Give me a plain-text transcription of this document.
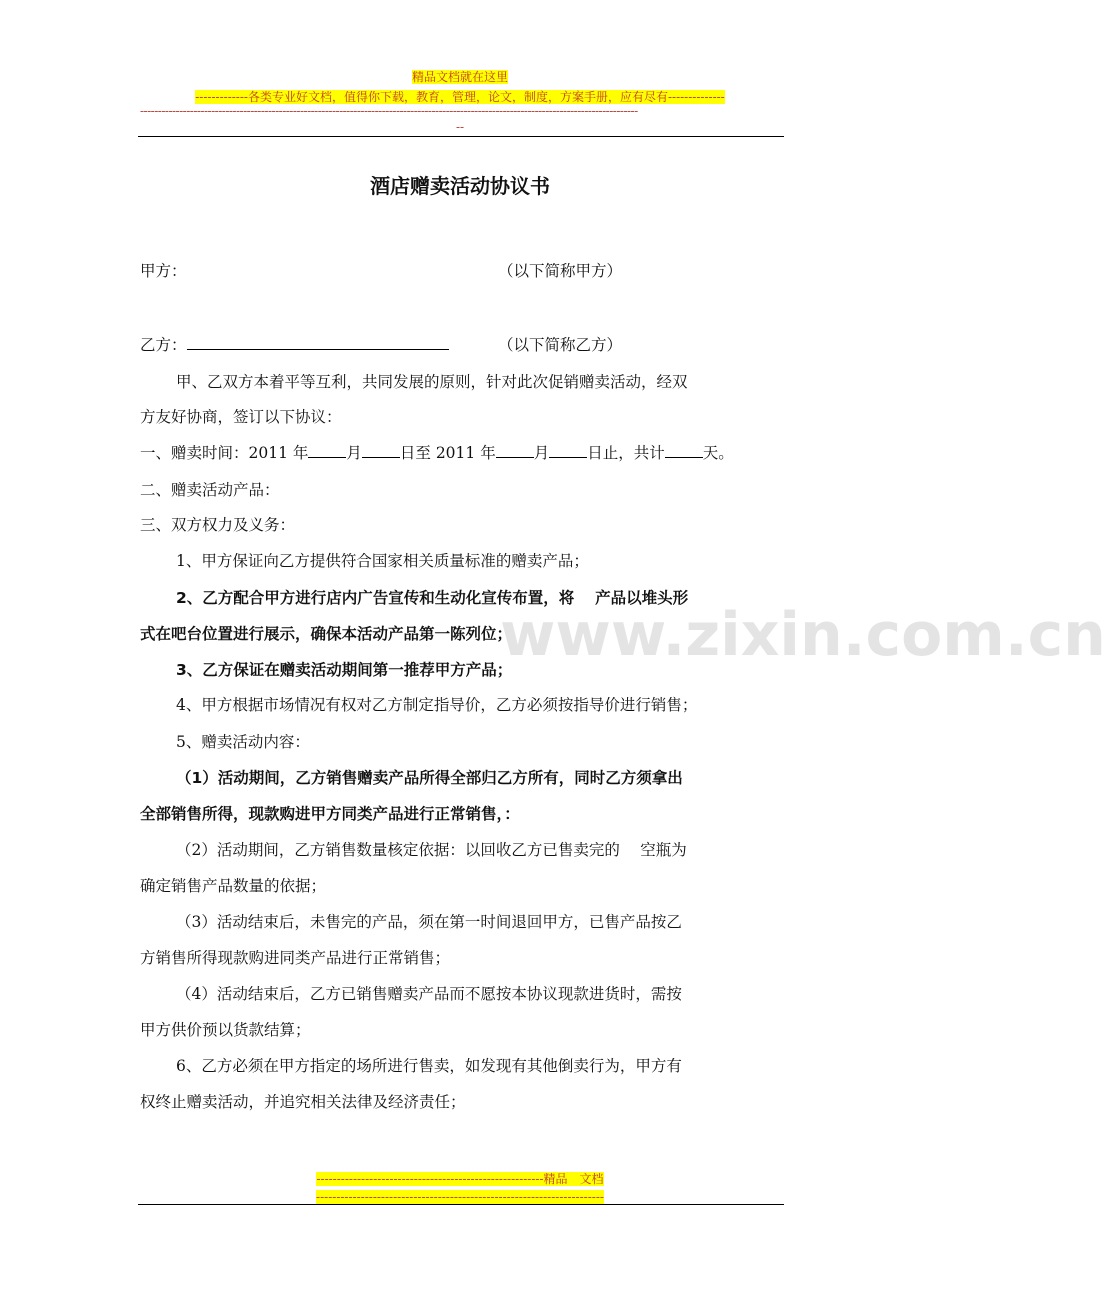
精品文档就在这里
-------------各类专业好文档，值得你下载，教育，管理，论文，制度，方案手册，应有尽有--------------
--------------------------------------------------------------------------------------------------------------------------------------------
--
www.zixin.com.cn
酒店赠卖活动协议书
甲方：	（以下简称甲方）
乙方：	（以下简称乙方）
甲、乙双方本着平等互利，共同发展的原则，针对此次促销赠卖活动，经双
方友好协商，签订以下协议：
一、赠卖时间：2011 年 月 日至 2011 年 月 日止，共计 天。
二、赠卖活动产品：
三、双方权力及义务：
1、甲方保证向乙方提供符合国家相关质量标准的赠卖产品；
2、乙方配合甲方进行店内广告宣传和生动化宣传布置，将　 产品以堆头形
式在吧台位置进行展示，确保本活动产品第一陈列位；
3、乙方保证在赠卖活动期间第一推荐甲方产品；
4、甲方根据市场情况有权对乙方制定指导价，乙方必须按指导价进行销售；
5、赠卖活动内容：
（1）活动期间，乙方销售赠卖产品所得全部归乙方所有，同时乙方须拿出
全部销售所得，现款购进甲方同类产品进行正常销售，：
（2）活动期间，乙方销售数量核定依据：以回收乙方已售卖完的　 空瓶为
确定销售产品数量的依据；
（3）活动结束后，未售完的产品，须在第一时间退回甲方，已售产品按乙
方销售所得现款购进同类产品进行正常销售；
（4）活动结束后，乙方已销售赠卖产品而不愿按本协议现款进货时，需按
甲方供价预以货款结算；
6、乙方必须在甲方指定的场所进行售卖，如发现有其他倒卖行为，甲方有
权终止赠卖活动，并追究相关法律及经济责任；
--------------------------------------------------------精品　文档
-----------------------------------------------------------------------
